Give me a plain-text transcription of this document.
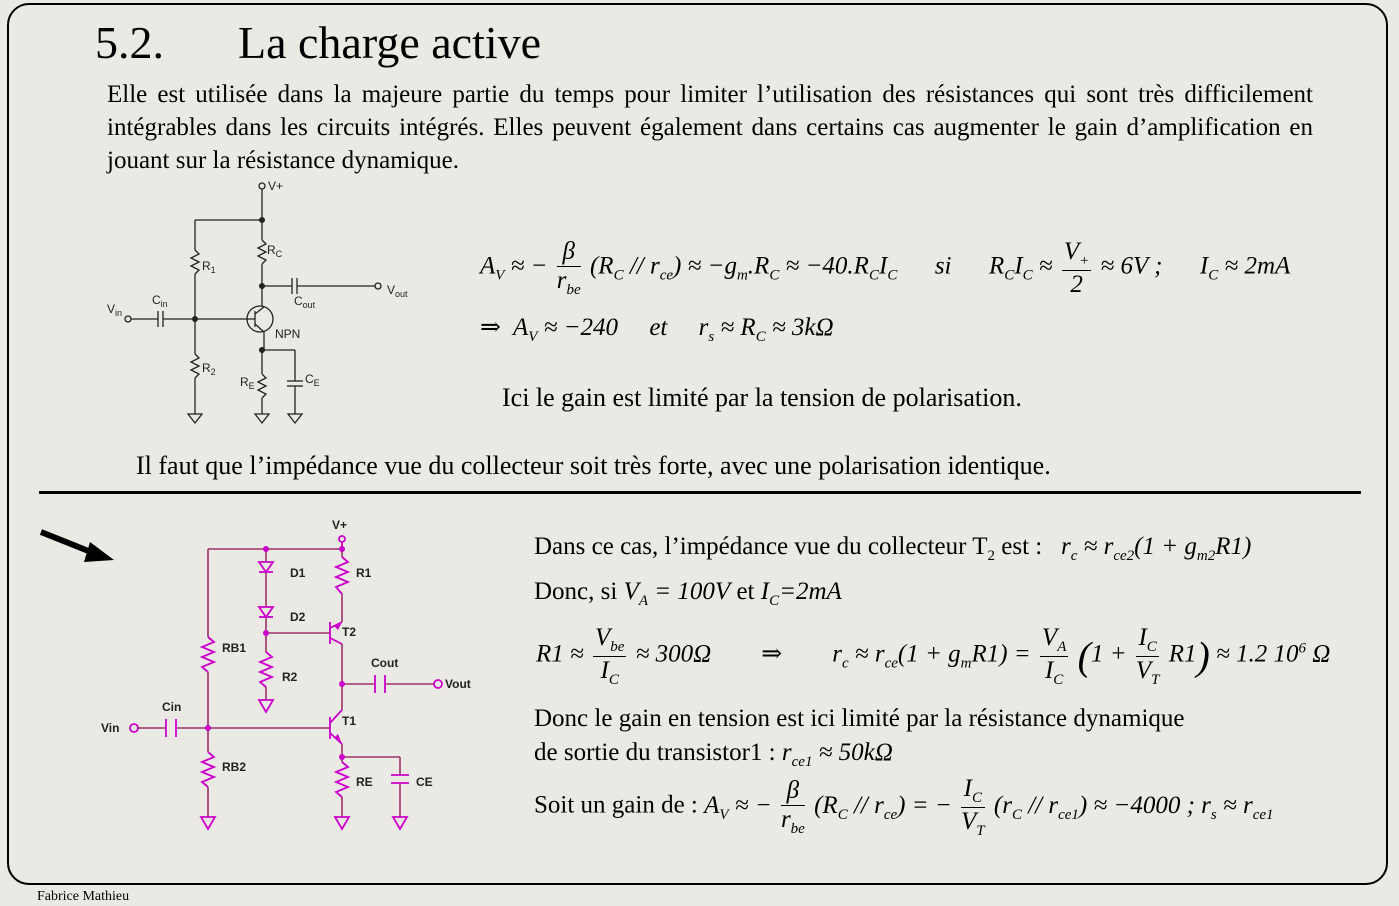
5.2. La charge active
Elle est utilisée dans la majeure partie du temps pour limiter l’utilisation des résistances qui sont très difficilement intégrables dans les circuits intégrés. Elles peuvent également dans certains cas augmenter le gain d’amplification en jouant sur la résistance dynamique.
V+
$R_C$
$R_1$
$R_2$
$C_{in}$	$C_{out}$
$V_{in}$
$V_{out}$
NPN
$R_E$	$C_E$
$A_V$ ≈ − $\frac{\beta}{r_{be}} (R_C // r_{ce}) \approx -g_m.R_C \approx -40.R_CI_C$ si $R_CI_C \approx \frac{V_+}{2} \approx 6V$ ; $I_C \approx 2mA$
⇒ $A_V \approx -240$ et $r_s \approx R_C \approx 3k\Omega$
Ici le gain est limité par la tension de polarisation.
Il faut que l’impédance vue du collecteur soit très forte, avec une polarisation identique.
V+
D1
D2
R1
R2
RB1
RB2
T2
T1
Cout
Vout
Cin
Vin
RE	CE
Dans ce cas, l’impédance vue du collecteur $T_2$ est : $r_c \approx r_{ce2}(1 + g_{m2}R1)$
Donc, si $V_A = 100V$ et $I_C=2mA$
$R1 \approx \frac{V_{be}}{I_C} \approx 300\Omega$ ⇒ $r_c \approx r_{ce}(1 + g_mR1) = \frac{V_A}{I_C} (1 + \frac{I_C}{V_T} R1) \approx 1.2$ $10^6$ Ω
Donc le gain en tension est ici limité par la résistance dynamique
de sortie du transistor1 : $r_{ce1} \approx 50k\Omega$
Soit un gain de : $A_V$ ≈ − $\frac{\beta}{r_{be}} (R_C // r_{ce})$ = − $\frac{I_C}{V_T} (r_C // r_{ce1}) \approx -4000$ ; $r_s \approx r_{ce1}$
Fabrice Mathieu
